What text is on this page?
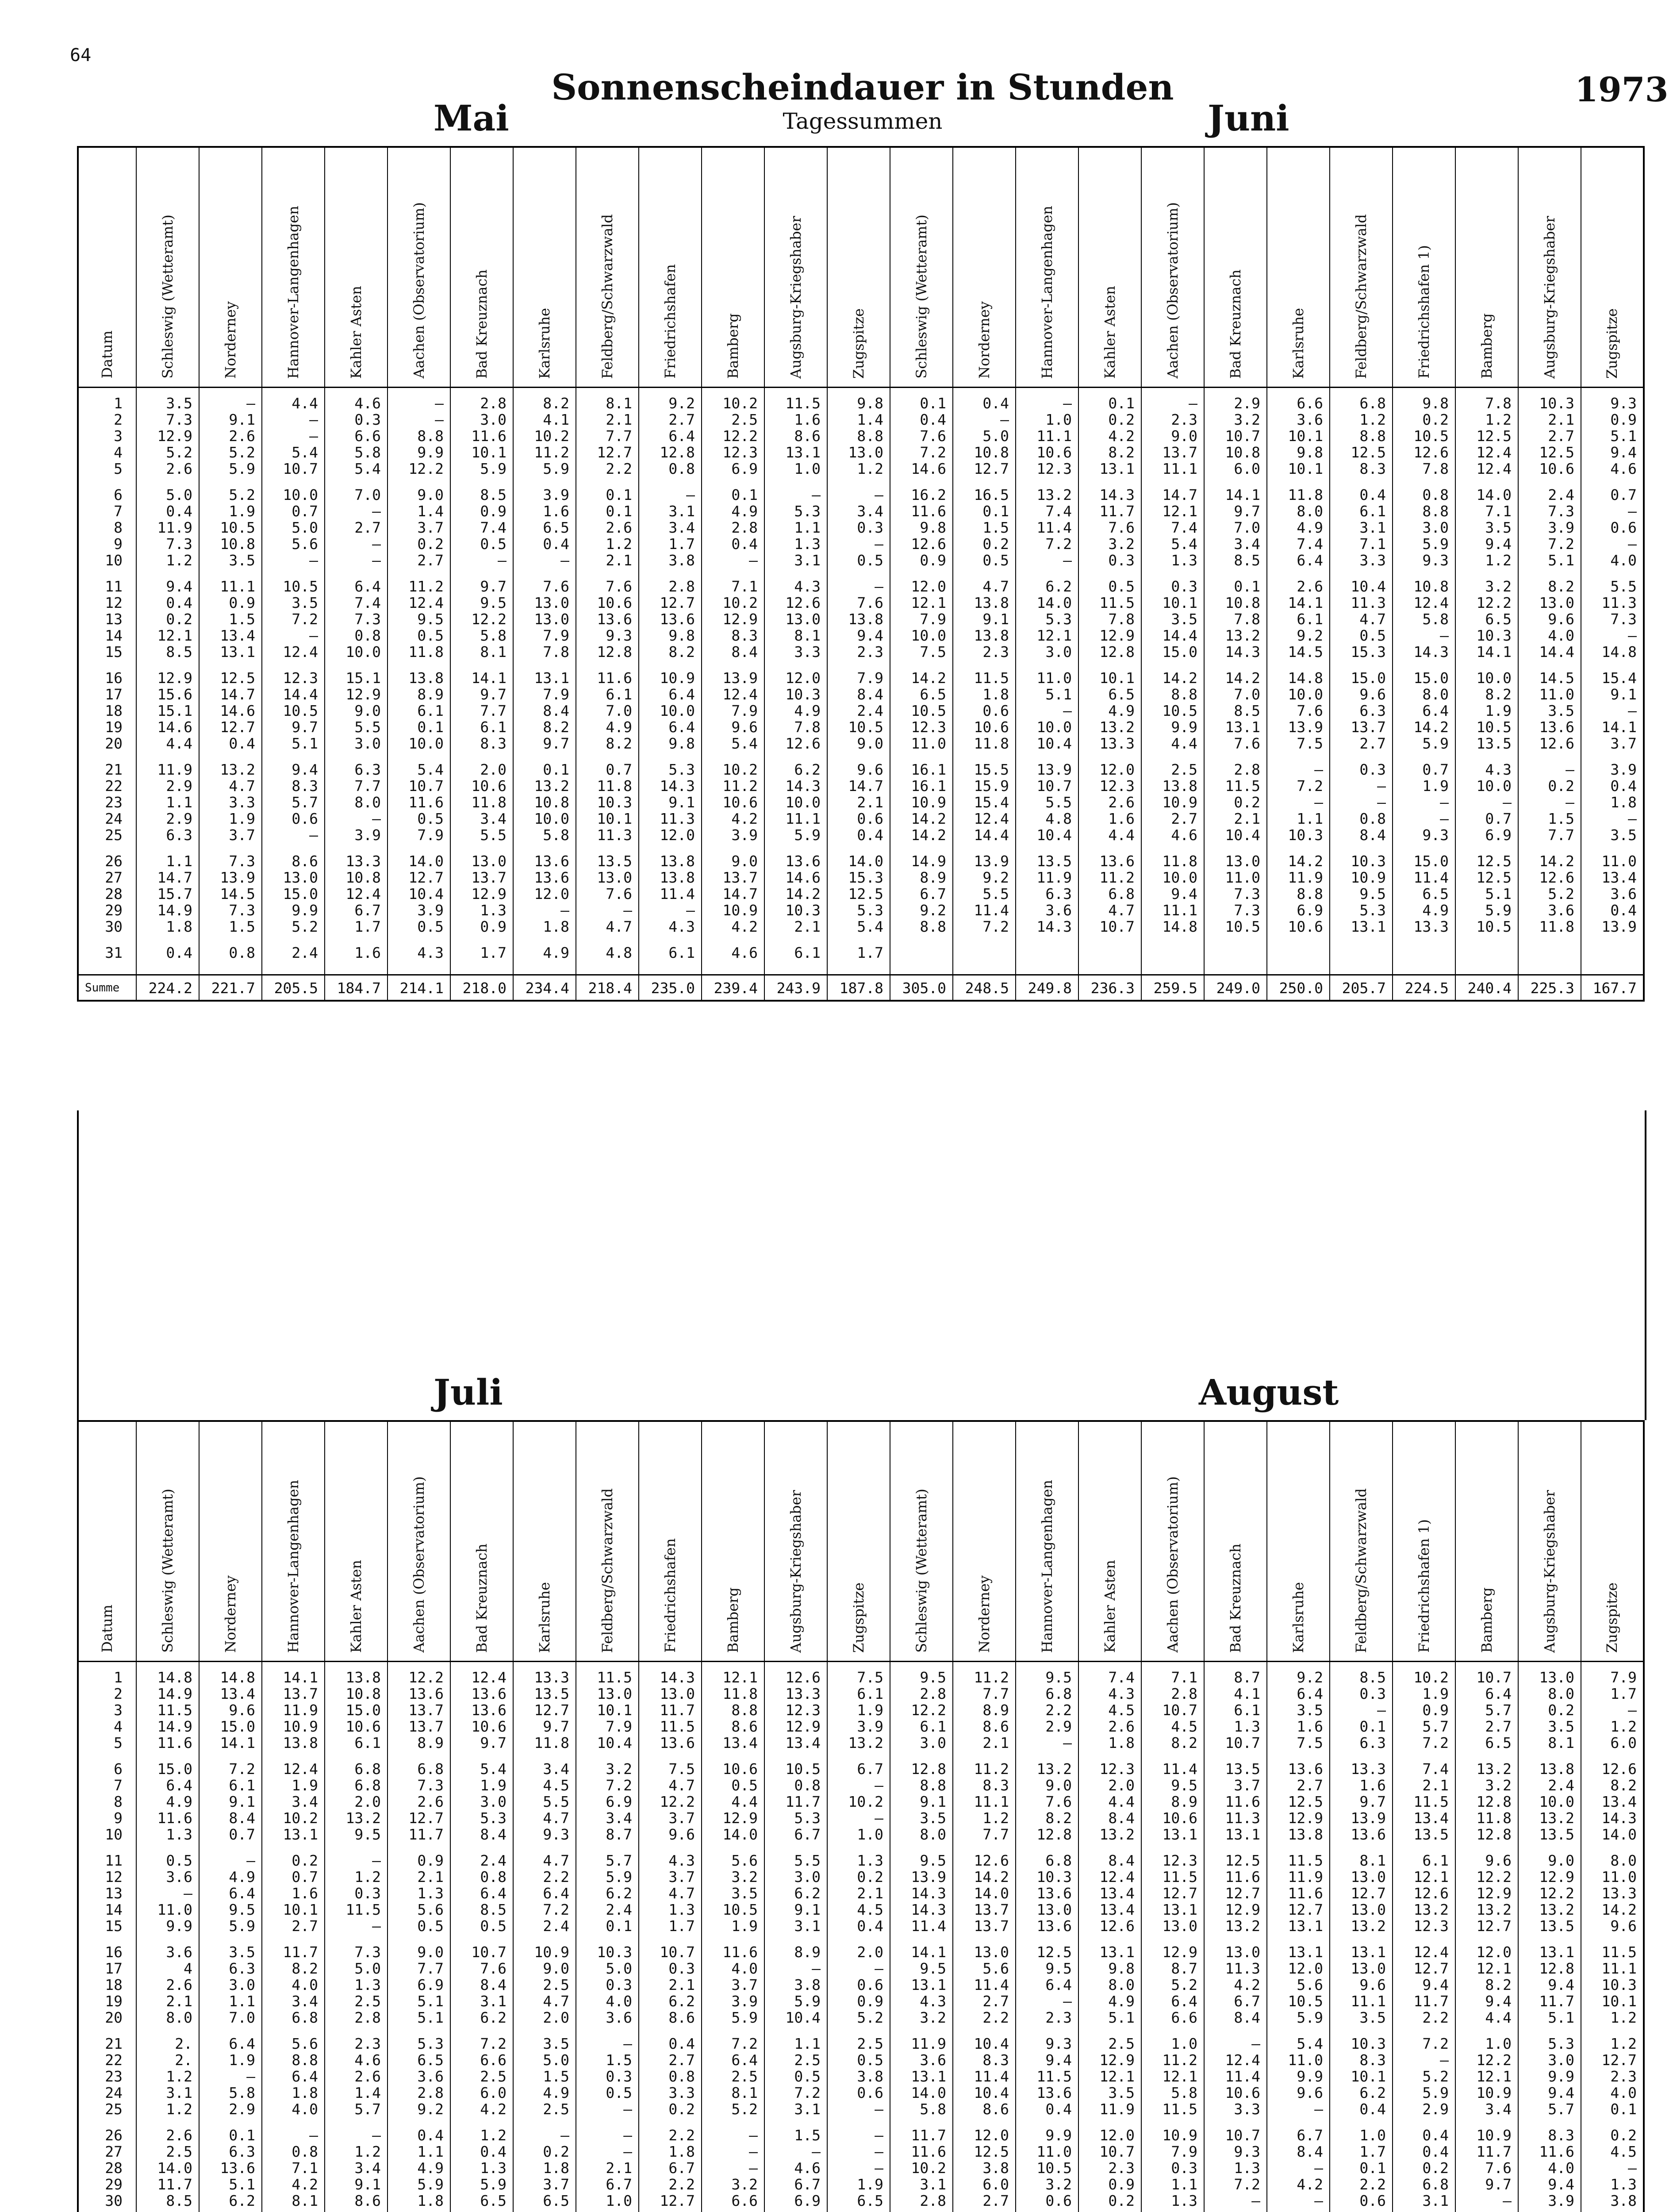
64
Sonnenscheindauer in Stunden
Tagessummen
1973
Mai	Juni
Juli	August
Datum	Schleswig (Wetteramt)	Norderney	Hannover-Langenhagen	Kahler Asten	Aachen (Observatorium)	Bad Kreuznach	Karlsruhe	Feldberg/Schwarzwald	Friedrichshafen	Bamberg	Augsburg-Kriegshaber	Zugspitze	Schleswig (Wetteramt)	Norderney	Hannover-Langenhagen	Kahler Asten	Aachen (Observatorium)	Bad Kreuznach	Karlsruhe	Feldberg/Schwarzwald	Friedrichshafen 1)	Bamberg	Augsburg-Kriegshaber	Zugspitze

1	3.5	–	4.4	4.6	–	2.8	8.2	8.1	9.2	10.2	11.5	9.8	0.1	0.4	–	0.1	–	2.9	6.6	6.8	9.8	7.8	10.3	9.3
2	7.3	9.1	–	0.3	–	3.0	4.1	2.1	2.7	2.5	1.6	1.4	0.4	–	1.0	0.2	2.3	3.2	3.6	1.2	0.2	1.2	2.1	0.9
3	12.9	2.6	–	6.6	8.8	11.6	10.2	7.7	6.4	12.2	8.6	8.8	7.6	5.0	11.1	4.2	9.0	10.7	10.1	8.8	10.5	12.5	2.7	5.1
4	5.2	5.2	5.4	5.8	9.9	10.1	11.2	12.7	12.8	12.3	13.1	13.0	7.2	10.8	10.6	8.2	13.7	10.8	9.8	12.5	12.6	12.4	12.5	9.4
5	2.6	5.9	10.7	5.4	12.2	5.9	5.9	2.2	0.8	6.9	1.0	1.2	14.6	12.7	12.3	13.1	11.1	6.0	10.1	8.3	7.8	12.4	10.6	4.6

6	5.0	5.2	10.0	7.0	9.0	8.5	3.9	0.1	–	0.1	–	–	16.2	16.5	13.2	14.3	14.7	14.1	11.8	0.4	0.8	14.0	2.4	0.7
7	0.4	1.9	0.7	–	1.4	0.9	1.6	0.1	3.1	4.9	5.3	3.4	11.6	0.1	7.4	11.7	12.1	9.7	8.0	6.1	8.8	7.1	7.3	–
8	11.9	10.5	5.0	2.7	3.7	7.4	6.5	2.6	3.4	2.8	1.1	0.3	9.8	1.5	11.4	7.6	7.4	7.0	4.9	3.1	3.0	3.5	3.9	0.6
9	7.3	10.8	5.6	–	0.2	0.5	0.4	1.2	1.7	0.4	1.3	–	12.6	0.2	7.2	3.2	5.4	3.4	7.4	7.1	5.9	9.4	7.2	–
10	1.2	3.5	–	–	2.7	–	–	2.1	3.8	–	3.1	0.5	0.9	0.5	–	0.3	1.3	8.5	6.4	3.3	9.3	1.2	5.1	4.0

11	9.4	11.1	10.5	6.4	11.2	9.7	7.6	7.6	2.8	7.1	4.3	–	12.0	4.7	6.2	0.5	0.3	0.1	2.6	10.4	10.8	3.2	8.2	5.5
12	0.4	0.9	3.5	7.4	12.4	9.5	13.0	10.6	12.7	10.2	12.6	7.6	12.1	13.8	14.0	11.5	10.1	10.8	14.1	11.3	12.4	12.2	13.0	11.3
13	0.2	1.5	7.2	7.3	9.5	12.2	13.0	13.6	13.6	12.9	13.0	13.8	7.9	9.1	5.3	7.8	3.5	7.8	6.1	4.7	5.8	6.5	9.6	7.3
14	12.1	13.4	–	0.8	0.5	5.8	7.9	9.3	9.8	8.3	8.1	9.4	10.0	13.8	12.1	12.9	14.4	13.2	9.2	0.5	–	10.3	4.0	–
15	8.5	13.1	12.4	10.0	11.8	8.1	7.8	12.8	8.2	8.4	3.3	2.3	7.5	2.3	3.0	12.8	15.0	14.3	14.5	15.3	14.3	14.1	14.4	14.8

16	12.9	12.5	12.3	15.1	13.8	14.1	13.1	11.6	10.9	13.9	12.0	7.9	14.2	11.5	11.0	10.1	14.2	14.2	14.8	15.0	15.0	10.0	14.5	15.4
17	15.6	14.7	14.4	12.9	8.9	9.7	7.9	6.1	6.4	12.4	10.3	8.4	6.5	1.8	5.1	6.5	8.8	7.0	10.0	9.6	8.0	8.2	11.0	9.1
18	15.1	14.6	10.5	9.0	6.1	7.7	8.4	7.0	10.0	7.9	4.9	2.4	10.5	0.6	–	4.9	10.5	8.5	7.6	6.3	6.4	1.9	3.5	–
19	14.6	12.7	9.7	5.5	0.1	6.1	8.2	4.9	6.4	9.6	7.8	10.5	12.3	10.6	10.0	13.2	9.9	13.1	13.9	13.7	14.2	10.5	13.6	14.1
20	4.4	0.4	5.1	3.0	10.0	8.3	9.7	8.2	9.8	5.4	12.6	9.0	11.0	11.8	10.4	13.3	4.4	7.6	7.5	2.7	5.9	13.5	12.6	3.7

21	11.9	13.2	9.4	6.3	5.4	2.0	0.1	0.7	5.3	10.2	6.2	9.6	16.1	15.5	13.9	12.0	2.5	2.8	–	0.3	0.7	4.3	–	3.9
22	2.9	4.7	8.3	7.7	10.7	10.6	13.2	11.8	14.3	11.2	14.3	14.7	16.1	15.9	10.7	12.3	13.8	11.5	7.2	–	1.9	10.0	0.2	0.4
23	1.1	3.3	5.7	8.0	11.6	11.8	10.8	10.3	9.1	10.6	10.0	2.1	10.9	15.4	5.5	2.6	10.9	0.2	–	–	–	–	–	1.8
24	2.9	1.9	0.6	–	0.5	3.4	10.0	10.1	11.3	4.2	11.1	0.6	14.2	12.4	4.8	1.6	2.7	2.1	1.1	0.8	–	0.7	1.5	–
25	6.3	3.7	–	3.9	7.9	5.5	5.8	11.3	12.0	3.9	5.9	0.4	14.2	14.4	10.4	4.4	4.6	10.4	10.3	8.4	9.3	6.9	7.7	3.5

26	1.1	7.3	8.6	13.3	14.0	13.0	13.6	13.5	13.8	9.0	13.6	14.0	14.9	13.9	13.5	13.6	11.8	13.0	14.2	10.3	15.0	12.5	14.2	11.0
27	14.7	13.9	13.0	10.8	12.7	13.7	13.6	13.0	13.8	13.7	14.6	15.3	8.9	9.2	11.9	11.2	10.0	11.0	11.9	10.9	11.4	12.5	12.6	13.4
28	15.7	14.5	15.0	12.4	10.4	12.9	12.0	7.6	11.4	14.7	14.2	12.5	6.7	5.5	6.3	6.8	9.4	7.3	8.8	9.5	6.5	5.1	5.2	3.6
29	14.9	7.3	9.9	6.7	3.9	1.3	–	–	–	10.9	10.3	5.3	9.2	11.4	3.6	4.7	11.1	7.3	6.9	5.3	4.9	5.9	3.6	0.4
30	1.8	1.5	5.2	1.7	0.5	0.9	1.8	4.7	4.3	4.2	2.1	5.4	8.8	7.2	14.3	10.7	14.8	10.5	10.6	13.1	13.3	10.5	11.8	13.9

31	0.4	0.8	2.4	1.6	4.3	1.7	4.9	4.8	6.1	4.6	6.1	1.7												
Summe	224.2	221.7	205.5	184.7	214.1	218.0	234.4	218.4	235.0	239.4	243.9	187.8	305.0	248.5	249.8	236.3	259.5	249.0	250.0	205.7	224.5	240.4	225.3	167.7
Datum	Schleswig (Wetteramt)	Norderney	Hannover-Langenhagen	Kahler Asten	Aachen (Observatorium)	Bad Kreuznach	Karlsruhe	Feldberg/Schwarzwald	Friedrichshafen	Bamberg	Augsburg-Kriegshaber	Zugspitze	Schleswig (Wetteramt)	Norderney	Hannover-Langenhagen	Kahler Asten	Aachen (Observatorium)	Bad Kreuznach	Karlsruhe	Feldberg/Schwarzwald	Friedrichshafen 1)	Bamberg	Augsburg-Kriegshaber	Zugspitze

1	14.8	14.8	14.1	13.8	12.2	12.4	13.3	11.5	14.3	12.1	12.6	7.5	9.5	11.2	9.5	7.4	7.1	8.7	9.2	8.5	10.2	10.7	13.0	7.9
2	14.9	13.4	13.7	10.8	13.6	13.6	13.5	13.0	13.0	11.8	13.3	6.1	2.8	7.7	6.8	4.3	2.8	4.1	6.4	0.3	1.9	6.4	8.0	1.7
3	11.5	9.6	11.9	15.0	13.7	13.6	12.7	10.1	11.7	8.8	12.3	1.9	12.2	8.9	2.2	4.5	10.7	6.1	3.5	–	0.9	5.7	0.2	–
4	14.9	15.0	10.9	10.6	13.7	10.6	9.7	7.9	11.5	8.6	12.9	3.9	6.1	8.6	2.9	2.6	4.5	1.3	1.6	0.1	5.7	2.7	3.5	1.2
5	11.6	14.1	13.8	6.1	8.9	9.7	11.8	10.4	13.6	13.4	13.4	13.2	3.0	2.1	–	1.8	8.2	10.7	7.5	6.3	7.2	6.5	8.1	6.0

6	15.0	7.2	12.4	6.8	6.8	5.4	3.4	3.2	7.5	10.6	10.5	6.7	12.8	11.2	13.2	12.3	11.4	13.5	13.6	13.3	7.4	13.2	13.8	12.6
7	6.4	6.1	1.9	6.8	7.3	1.9	4.5	7.2	4.7	0.5	0.8	–	8.8	8.3	9.0	2.0	9.5	3.7	2.7	1.6	2.1	3.2	2.4	8.2
8	4.9	9.1	3.4	2.0	2.6	3.0	5.5	6.9	12.2	4.4	11.7	10.2	9.1	11.1	7.6	4.4	8.9	11.6	12.5	9.7	11.5	12.8	10.0	13.4
9	11.6	8.4	10.2	13.2	12.7	5.3	4.7	3.4	3.7	12.9	5.3	–	3.5	1.2	8.2	8.4	10.6	11.3	12.9	13.9	13.4	11.8	13.2	14.3
10	1.3	0.7	13.1	9.5	11.7	8.4	9.3	8.7	9.6	14.0	6.7	1.0	8.0	7.7	12.8	13.2	13.1	13.1	13.8	13.6	13.5	12.8	13.5	14.0

11	0.5	–	0.2	–	0.9	2.4	4.7	5.7	4.3	5.6	5.5	1.3	9.5	12.6	6.8	8.4	12.3	12.5	11.5	8.1	6.1	9.6	9.0	8.0
12	3.6	4.9	0.7	1.2	2.1	0.8	2.2	5.9	3.7	3.2	3.0	0.2	13.9	14.2	10.3	12.4	11.5	11.6	11.9	13.0	12.1	12.2	12.9	11.0
13	–	6.4	1.6	0.3	1.3	6.4	6.4	6.2	4.7	3.5	6.2	2.1	14.3	14.0	13.6	13.4	12.7	12.7	11.6	12.7	12.6	12.9	12.2	13.3
14	11.0	9.5	10.1	11.5	5.6	8.5	7.2	2.4	1.3	10.5	9.1	4.5	14.3	13.7	13.0	13.4	13.1	12.9	12.7	13.0	13.2	13.2	13.2	14.2
15	9.9	5.9	2.7	–	0.5	0.5	2.4	0.1	1.7	1.9	3.1	0.4	11.4	13.7	13.6	12.6	13.0	13.2	13.1	13.2	12.3	12.7	13.5	9.6

16	3.6	3.5	11.7	7.3	9.0	10.7	10.9	10.3	10.7	11.6	8.9	2.0	14.1	13.0	12.5	13.1	12.9	13.0	13.1	13.1	12.4	12.0	13.1	11.5
17	4	6.3	8.2	5.0	7.7	7.6	9.0	5.0	0.3	4.0	–	–	9.5	5.6	9.5	9.8	8.7	11.3	12.0	13.0	12.7	12.1	12.8	11.1
18	2.6	3.0	4.0	1.3	6.9	8.4	2.5	0.3	2.1	3.7	3.8	0.6	13.1	11.4	6.4	8.0	5.2	4.2	5.6	9.6	9.4	8.2	9.4	10.3
19	2.1	1.1	3.4	2.5	5.1	3.1	4.7	4.0	6.2	3.9	5.9	0.9	4.3	2.7	–	4.9	6.4	6.7	10.5	11.1	11.7	9.4	11.7	10.1
20	8.0	7.0	6.8	2.8	5.1	6.2	2.0	3.6	8.6	5.9	10.4	5.2	3.2	2.2	2.3	5.1	6.6	8.4	5.9	3.5	2.2	4.4	5.1	1.2

21	2.	6.4	5.6	2.3	5.3	7.2	3.5	–	0.4	7.2	1.1	2.5	11.9	10.4	9.3	2.5	1.0	–	5.4	10.3	7.2	1.0	5.3	1.2
22	2.	1.9	8.8	4.6	6.5	6.6	5.0	1.5	2.7	6.4	2.5	0.5	3.6	8.3	9.4	12.9	11.2	12.4	11.0	8.3	–	12.2	3.0	12.7
23	1.2	–	6.4	2.6	3.6	2.5	1.5	0.3	0.8	2.5	0.5	3.8	13.1	11.4	11.5	12.1	12.1	11.4	9.9	10.1	5.2	12.1	9.9	2.3
24	3.1	5.8	1.8	1.4	2.8	6.0	4.9	0.5	3.3	8.1	7.2	0.6	14.0	10.4	13.6	3.5	5.8	10.6	9.6	6.2	5.9	10.9	9.4	4.0
25	1.2	2.9	4.0	5.7	9.2	4.2	2.5	–	0.2	5.2	3.1	–	5.8	8.6	0.4	11.9	11.5	3.3	–	0.4	2.9	3.4	5.7	0.1

26	2.6	0.1	–	–	0.4	1.2	–	–	2.2	–	1.5	–	11.7	12.0	9.9	12.0	10.9	10.7	6.7	1.0	0.4	10.9	8.3	0.2
27	2.5	6.3	0.8	1.2	1.1	0.4	0.2	–	1.8	–	–	–	11.6	12.5	11.0	10.7	7.9	9.3	8.4	1.7	0.4	11.7	11.6	4.5
28	14.0	13.6	7.1	3.4	4.9	1.3	1.8	2.1	6.7	–	4.6	–	10.2	3.8	10.5	2.3	0.3	1.3	–	0.1	0.2	7.6	4.0	–
29	11.7	5.1	4.2	9.1	5.9	5.9	3.7	6.7	2.2	3.2	6.7	1.9	3.1	6.0	3.2	0.9	1.1	7.2	4.2	2.2	6.8	9.7	9.4	1.3
30	8.5	6.2	8.1	8.6	1.8	6.5	6.5	1.0	12.7	6.6	6.9	6.5	2.8	2.7	0.6	0.2	1.3	–	–	0.6	3.1	–	3.9	3.8
